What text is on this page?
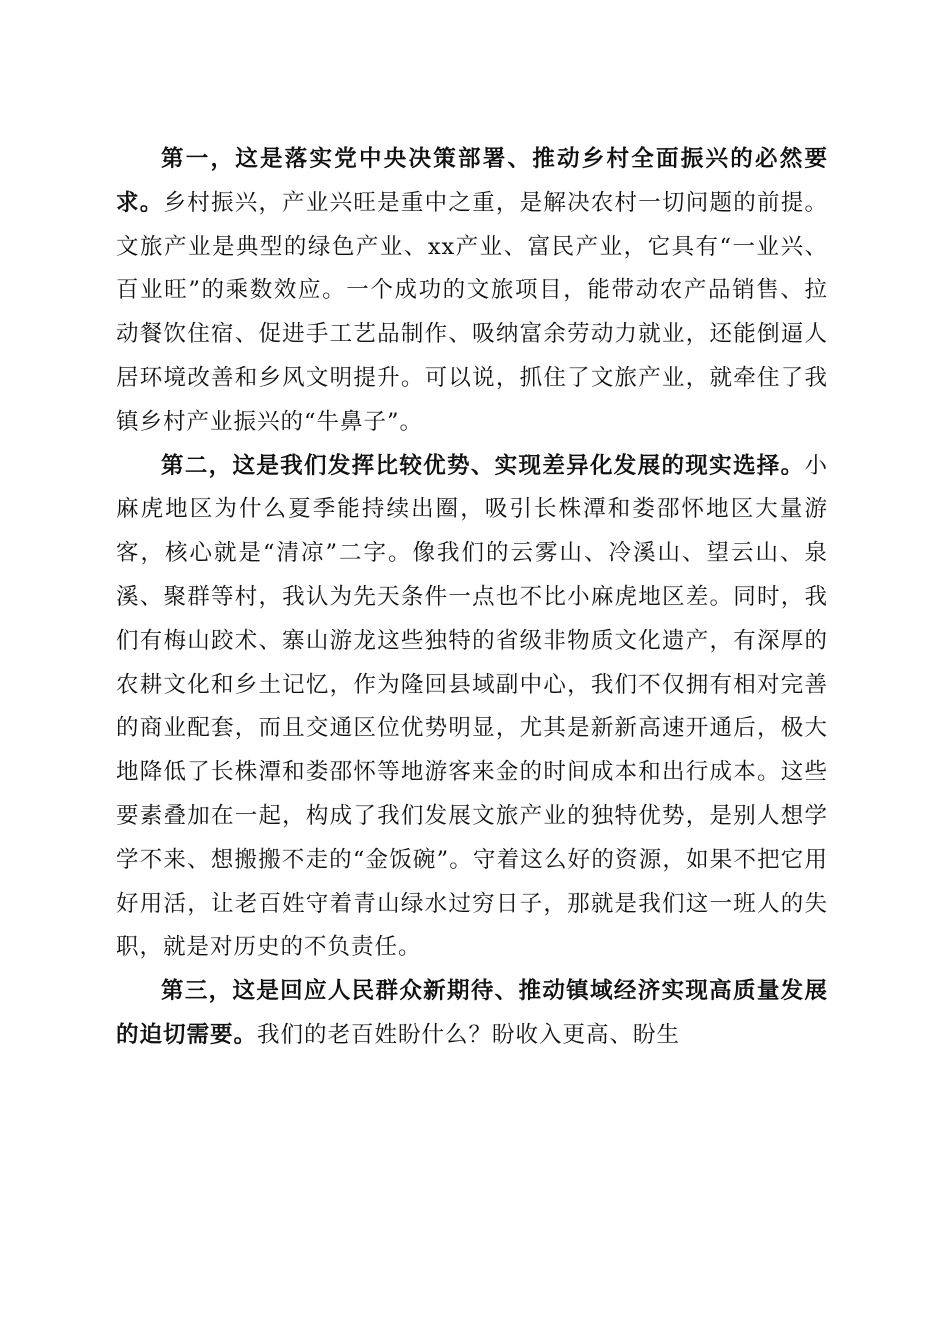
第一，这是落实党中央决策部署、推动乡村全面振兴的必然要求。乡村振兴，产业兴旺是重中之重，是解决农村一切问题的前提。文旅产业是典型的绿色产业、xx产业、富民产业，它具有“一业兴、百业旺”的乘数效应。一个成功的文旅项目，能带动农产品销售、拉动餐饮住宿、促进手工艺品制作、吸纳富余劳动力就业，还能倒逼人居环境改善和乡风文明提升。可以说，抓住了文旅产业，就牵住了我镇乡村产业振兴的“牛鼻子”。

第二，这是我们发挥比较优势、实现差异化发展的现实选择。小麻虎地区为什么夏季能持续出圈，吸引长株潭和娄邵怀地区大量游客，核心就是“清凉”二字。像我们的云雾山、冷溪山、望云山、泉溪、聚群等村，我认为先天条件一点也不比小麻虎地区差。同时，我们有梅山跤术、寨山游龙这些独特的省级非物质文化遗产，有深厚的农耕文化和乡土记忆，作为隆回县域副中心，我们不仅拥有相对完善的商业配套，而且交通区位优势明显，尤其是新新高速开通后，极大地降低了长株潭和娄邵怀等地游客来金的时间成本和出行成本。这些要素叠加在一起，构成了我们发展文旅产业的独特优势，是别人想学学不来、想搬搬不走的“金饭碗”。守着这么好的资源，如果不把它用好用活，让老百姓守着青山绿水过穷日子，那就是我们这一班人的失职，就是对历史的不负责任。

第三，这是回应人民群众新期待、推动镇域经济实现高质量发展的迫切需要。我们的老百姓盼什么？盼收入更高、盼生
